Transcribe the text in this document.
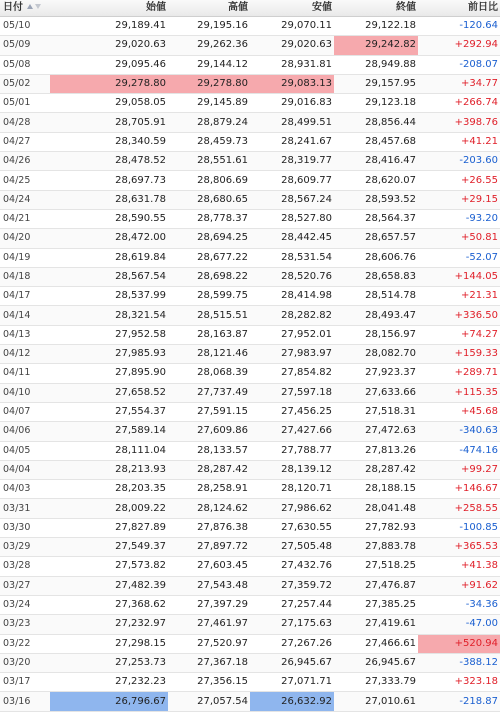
日付	始値	高値	安値	終値	前日比
05/10	29,189.41	29,195.16	29,070.11	29,122.18	-120.64
05/09	29,020.63	29,262.36	29,020.63	29,242.82	+292.94
05/08	29,095.46	29,144.12	28,931.81	28,949.88	-208.07
05/02	29,278.80	29,278.80	29,083.13	29,157.95	+34.77
05/01	29,058.05	29,145.89	29,016.83	29,123.18	+266.74
04/28	28,705.91	28,879.24	28,499.51	28,856.44	+398.76
04/27	28,340.59	28,459.73	28,241.67	28,457.68	+41.21
04/26	28,478.52	28,551.61	28,319.77	28,416.47	-203.60
04/25	28,697.73	28,806.69	28,609.77	28,620.07	+26.55
04/24	28,631.78	28,680.65	28,567.24	28,593.52	+29.15
04/21	28,590.55	28,778.37	28,527.80	28,564.37	-93.20
04/20	28,472.00	28,694.25	28,442.45	28,657.57	+50.81
04/19	28,619.84	28,677.22	28,531.54	28,606.76	-52.07
04/18	28,567.54	28,698.22	28,520.76	28,658.83	+144.05
04/17	28,537.99	28,599.75	28,414.98	28,514.78	+21.31
04/14	28,321.54	28,515.51	28,282.82	28,493.47	+336.50
04/13	27,952.58	28,163.87	27,952.01	28,156.97	+74.27
04/12	27,985.93	28,121.46	27,983.97	28,082.70	+159.33
04/11	27,895.90	28,068.39	27,854.82	27,923.37	+289.71
04/10	27,658.52	27,737.49	27,597.18	27,633.66	+115.35
04/07	27,554.37	27,591.15	27,456.25	27,518.31	+45.68
04/06	27,589.14	27,609.86	27,427.66	27,472.63	-340.63
04/05	28,111.04	28,133.57	27,788.77	27,813.26	-474.16
04/04	28,213.93	28,287.42	28,139.12	28,287.42	+99.27
04/03	28,203.35	28,258.91	28,120.71	28,188.15	+146.67
03/31	28,009.22	28,124.62	27,986.62	28,041.48	+258.55
03/30	27,827.89	27,876.38	27,630.55	27,782.93	-100.85
03/29	27,549.37	27,897.72	27,505.48	27,883.78	+365.53
03/28	27,573.82	27,603.45	27,432.76	27,518.25	+41.38
03/27	27,482.39	27,543.48	27,359.72	27,476.87	+91.62
03/24	27,368.62	27,397.29	27,257.44	27,385.25	-34.36
03/23	27,232.97	27,461.97	27,175.63	27,419.61	-47.00
03/22	27,298.15	27,520.97	27,267.26	27,466.61	+520.94
03/20	27,253.73	27,367.18	26,945.67	26,945.67	-388.12
03/17	27,232.23	27,356.15	27,071.71	27,333.79	+323.18
03/16	26,796.67	27,057.54	26,632.92	27,010.61	-218.87
